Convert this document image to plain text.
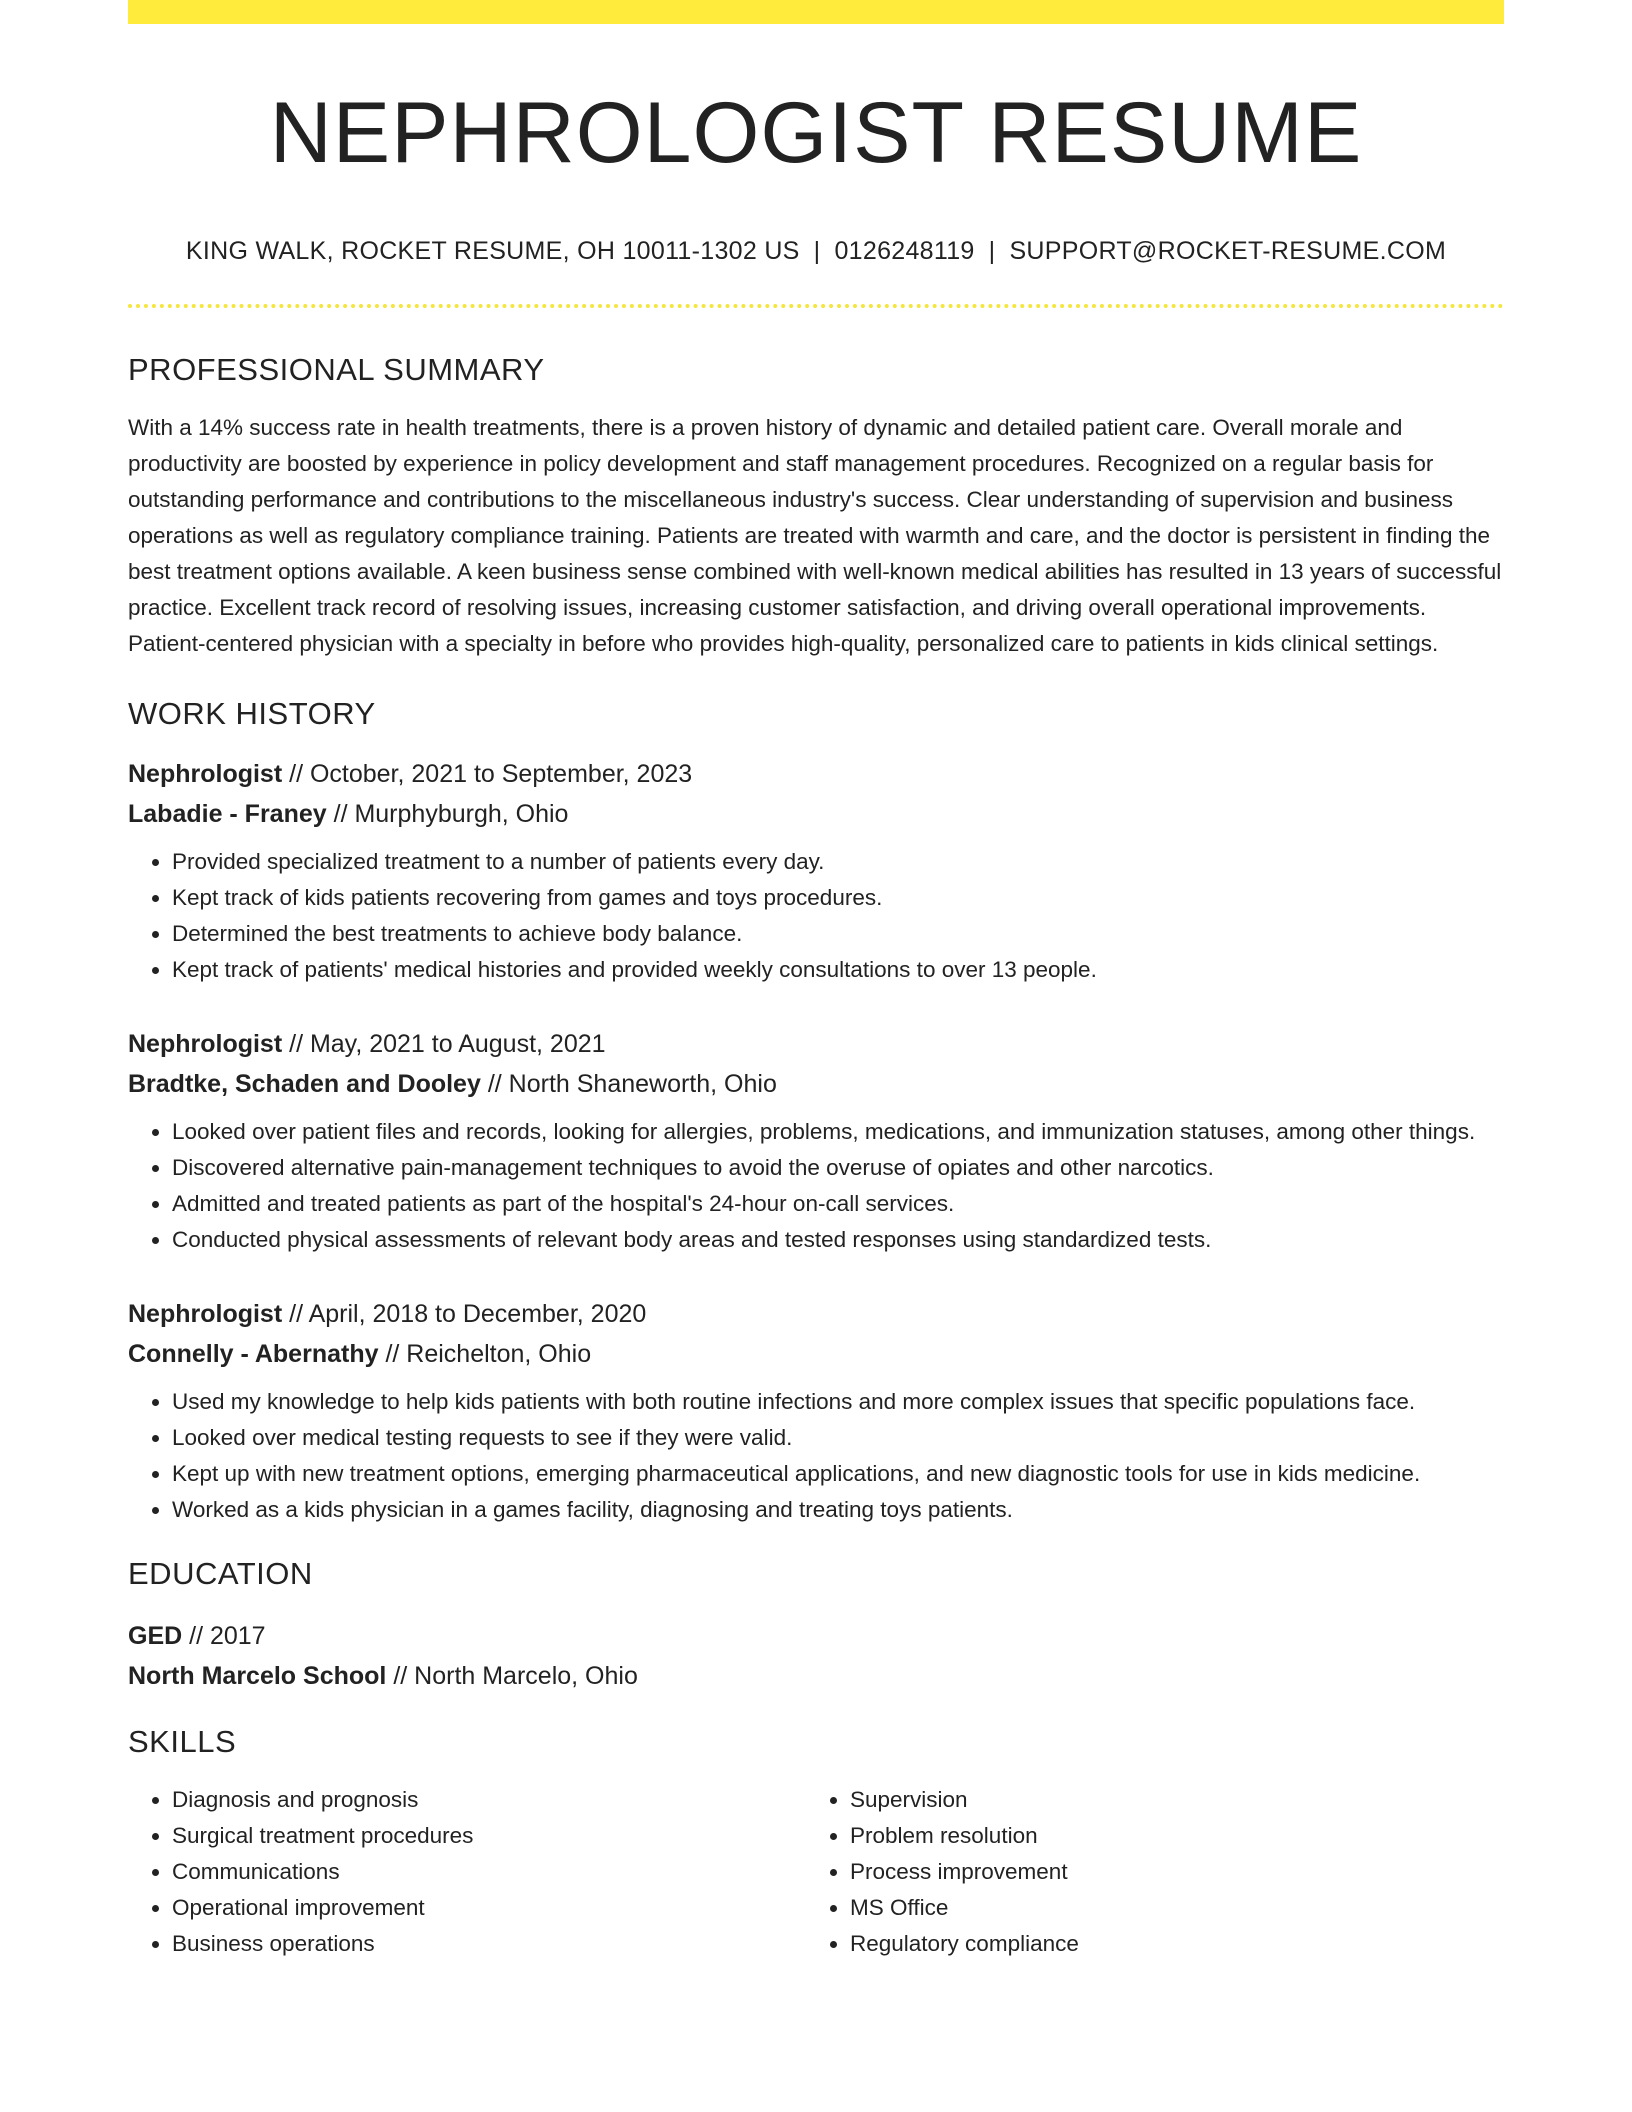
NEPHROLOGIST RESUME
KING WALK, ROCKET RESUME, OH 10011-1302 US | 0126248119 | SUPPORT@ROCKET-RESUME.COM
PROFESSIONAL SUMMARY

With a 14% success rate in health treatments, there is a proven history of dynamic and detailed patient care. Overall morale and productivity are boosted by experience in policy development and staff management procedures. Recognized on a regular basis for outstanding performance and contributions to the miscellaneous industry's success. Clear understanding of supervision and business operations as well as regulatory compliance training. Patients are treated with warmth and care, and the doctor is persistent in finding the best treatment options available. A keen business sense combined with well-known medical abilities has resulted in 13 years of successful practice. Excellent track record of resolving issues, increasing customer satisfaction, and driving overall operational improvements. Patient-centered physician with a specialty in before who provides high-quality, personalized care to patients in kids clinical settings.

WORK HISTORY
Nephrologist // October, 2021 to September, 2023
Labadie - Franey // Murphyburgh, Ohio
• Provided specialized treatment to a number of patients every day.
• Kept track of kids patients recovering from games and toys procedures.
• Determined the best treatments to achieve body balance.
• Kept track of patients' medical histories and provided weekly consultations to over 13 people.
Nephrologist // May, 2021 to August, 2021
Bradtke, Schaden and Dooley // North Shaneworth, Ohio
• Looked over patient files and records, looking for allergies, problems, medications, and immunization statuses, among other things.
• Discovered alternative pain-management techniques to avoid the overuse of opiates and other narcotics.
• Admitted and treated patients as part of the hospital's 24-hour on-call services.
• Conducted physical assessments of relevant body areas and tested responses using standardized tests.
Nephrologist // April, 2018 to December, 2020
Connelly - Abernathy // Reichelton, Ohio
• Used my knowledge to help kids patients with both routine infections and more complex issues that specific populations face.
• Looked over medical testing requests to see if they were valid.
• Kept up with new treatment options, emerging pharmaceutical applications, and new diagnostic tools for use in kids medicine.
• Worked as a kids physician in a games facility, diagnosing and treating toys patients.
EDUCATION
GED // 2017
North Marcelo School // North Marcelo, Ohio
SKILLS
• Diagnosis and prognosis
• Surgical treatment procedures
• Communications
• Operational improvement
• Business operations
• Supervision
• Problem resolution
• Process improvement
• MS Office
• Regulatory compliance
